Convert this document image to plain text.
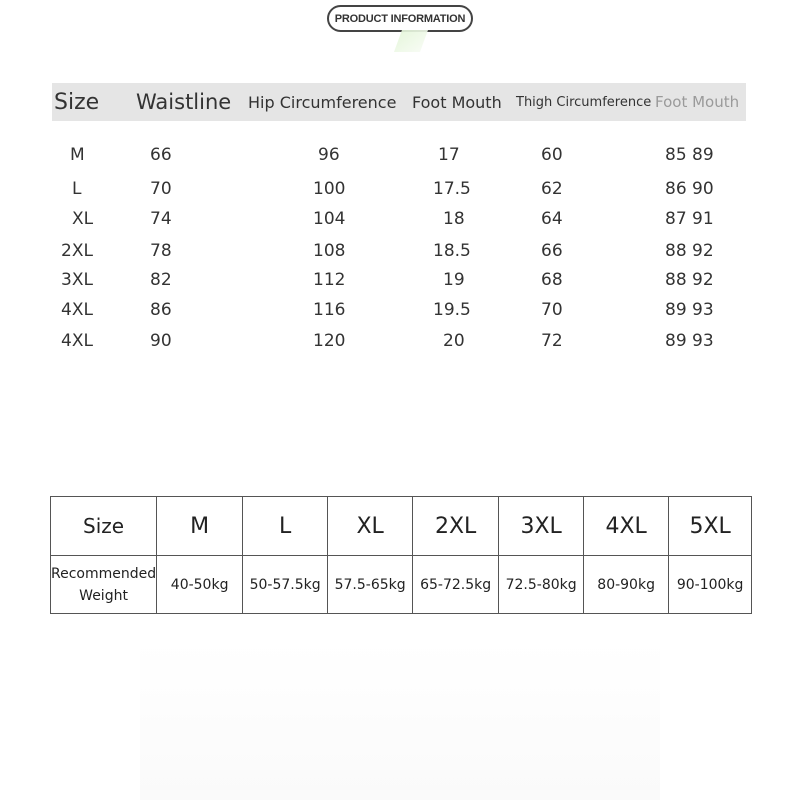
PRODUCT INFORMATION
Size Waistline Hip Circumference Foot Mouth Thigh Circumference Foot Mouth
M	66	96	17	60	85 89
L	70	100	17.5	62	86 90
XL	74	104	18	64	87 91
2XL	78	108	18.5	66	88 92
3XL	82	112	19	68	88 92
4XL	86	116	19.5	70	89 93
4XL	90	120	20	72	89 93
Size	M	L	XL	2XL	3XL	4XL	5XL

Recommended
Weight	40-50kg	50-57.5kg	57.5-65kg	65-72.5kg	72.5-80kg	80-90kg	90-100kg
